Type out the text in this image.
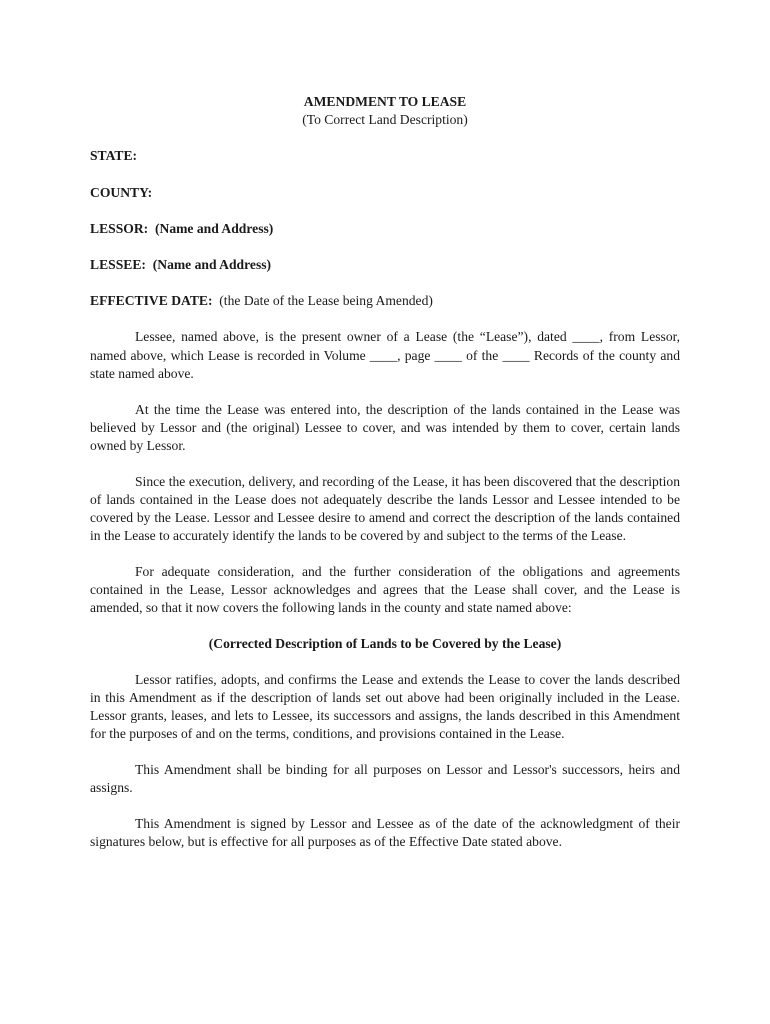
AMENDMENT TO LEASE

(To Correct Land Description)

STATE:

COUNTY:

LESSOR: (Name and Address)

LESSEE: (Name and Address)

EFFECTIVE DATE: (the Date of the Lease being Amended)

Lessee, named above, is the present owner of a Lease (the “Lease”), dated ____, from Lessor, named above, which Lease is recorded in Volume ____, page ____ of the ____ Records of the county and state named above.

At the time the Lease was entered into, the description of the lands contained in the Lease was believed by Lessor and (the original) Lessee to cover, and was intended by them to cover, certain lands owned by Lessor.

Since the execution, delivery, and recording of the Lease, it has been discovered that the description of lands contained in the Lease does not adequately describe the lands Lessor and Lessee intended to be covered by the Lease. Lessor and Lessee desire to amend and correct the description of the lands contained in the Lease to accurately identify the lands to be covered by and subject to the terms of the Lease.

For adequate consideration, and the further consideration of the obligations and agreements contained in the Lease, Lessor acknowledges and agrees that the Lease shall cover, and the Lease is amended, so that it now covers the following lands in the county and state named above:

(Corrected Description of Lands to be Covered by the Lease)

Lessor ratifies, adopts, and confirms the Lease and extends the Lease to cover the lands described in this Amendment as if the description of lands set out above had been originally included in the Lease. Lessor grants, leases, and lets to Lessee, its successors and assigns, the lands described in this Amendment for the purposes of and on the terms, conditions, and provisions contained in the Lease.

This Amendment shall be binding for all purposes on Lessor and Lessor's successors, heirs and assigns.

This Amendment is signed by Lessor and Lessee as of the date of the acknowledgment of their signatures below, but is effective for all purposes as of the Effective Date stated above.
